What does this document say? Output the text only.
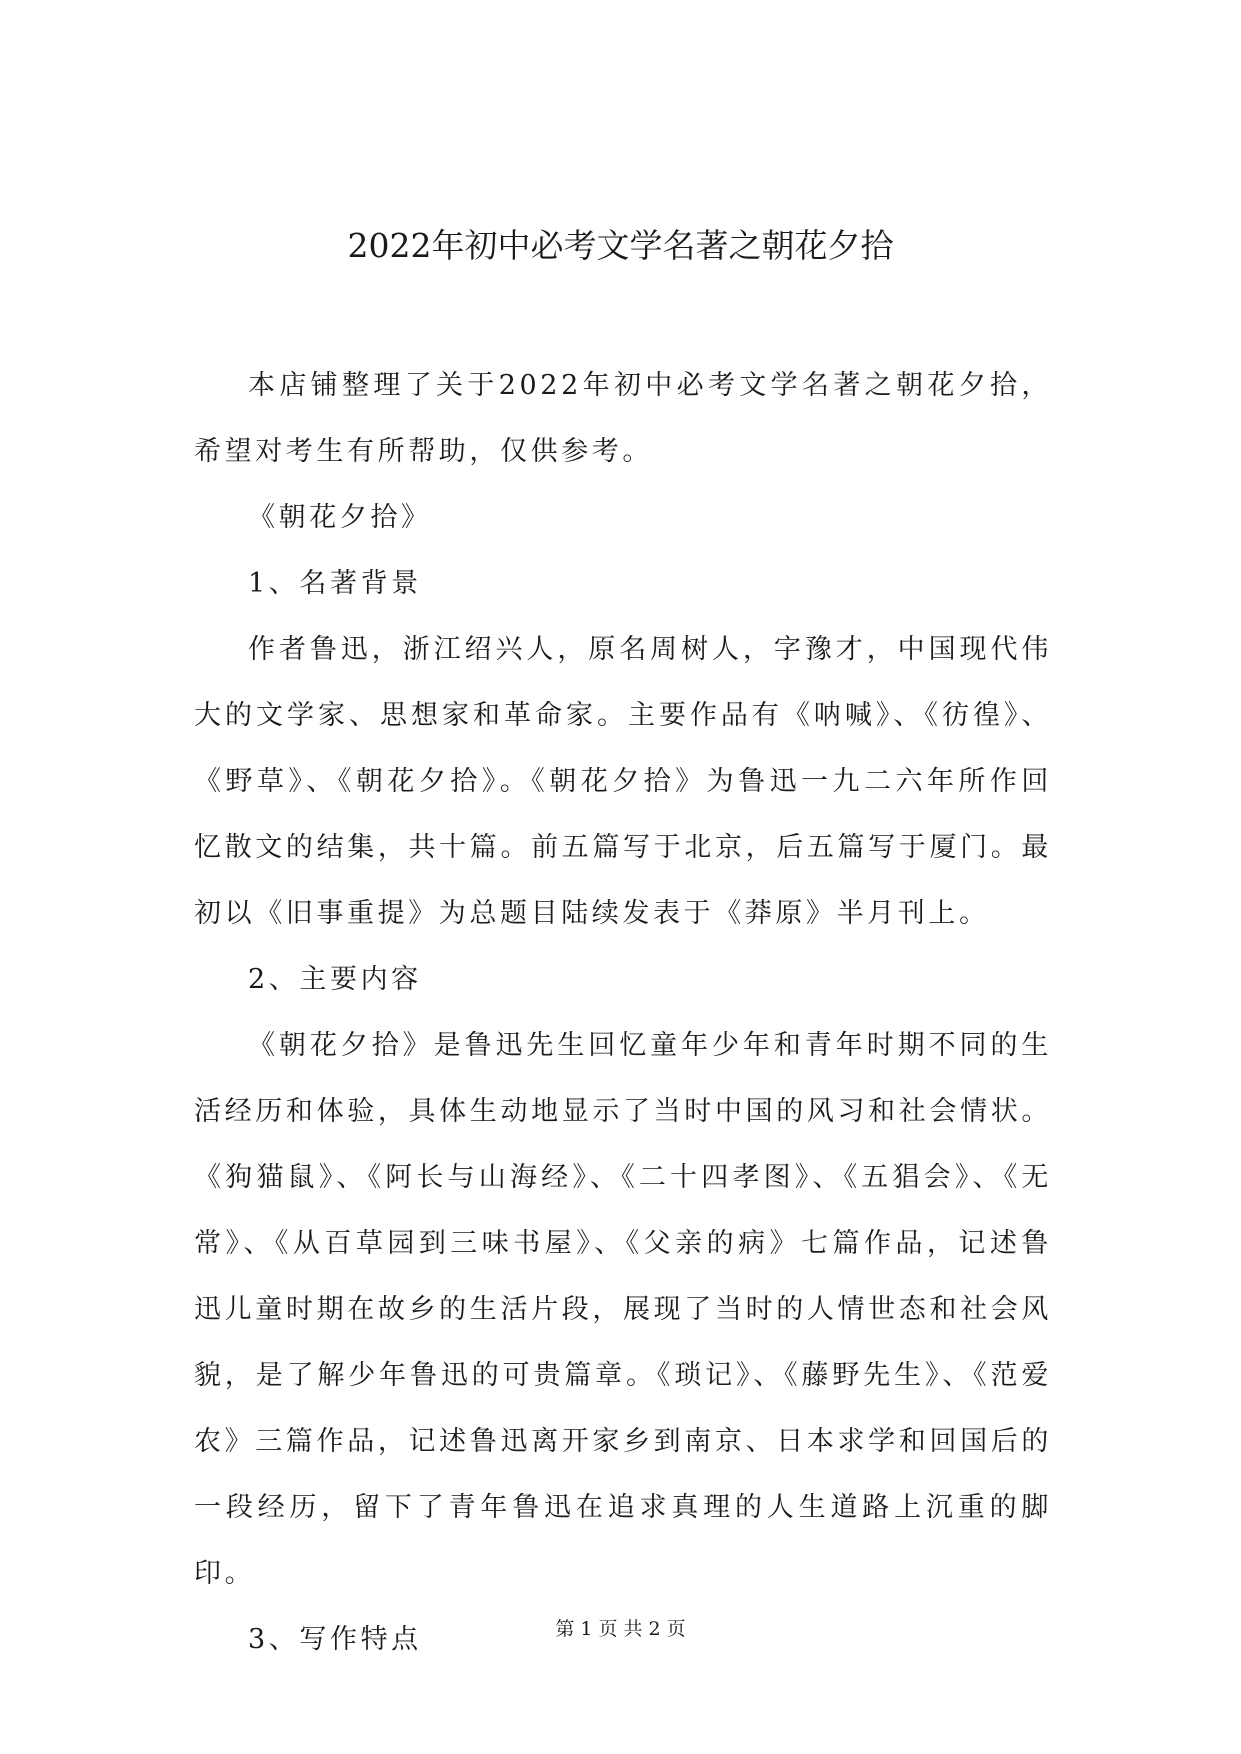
2022年初中必考文学名著之朝花夕拾

本店铺整理了关于2022年初中必考文学名著之朝花夕拾，希望对考生有所帮助，仅供参考。

《朝花夕拾》

1、名著背景

作者鲁迅，浙江绍兴人，原名周树人，字豫才，中国现代伟大的文学家、思想家和革命家。主要作品有《呐喊》、《彷徨》、《野草》、《朝花夕拾》。《朝花夕拾》为鲁迅一九二六年所作回忆散文的结集，共十篇。前五篇写于北京，后五篇写于厦门。最初以《旧事重提》为总题目陆续发表于《莽原》半月刊上。

2、主要内容

《朝花夕拾》是鲁迅先生回忆童年少年和青年时期不同的生活经历和体验，具体生动地显示了当时中国的风习和社会情状。《狗猫鼠》、《阿长与山海经》、《二十四孝图》、《五猖会》、《无常》、《从百草园到三味书屋》、《父亲的病》七篇作品，记述鲁迅儿童时期在故乡的生活片段，展现了当时的人情世态和社会风貌，是了解少年鲁迅的可贵篇章。《琐记》、《藤野先生》、《范爱农》三篇作品，记述鲁迅离开家乡到南京、日本求学和回国后的一段经历，留下了青年鲁迅在追求真理的人生道路上沉重的脚印。

3、写作特点	第 1 页 共 2 页
